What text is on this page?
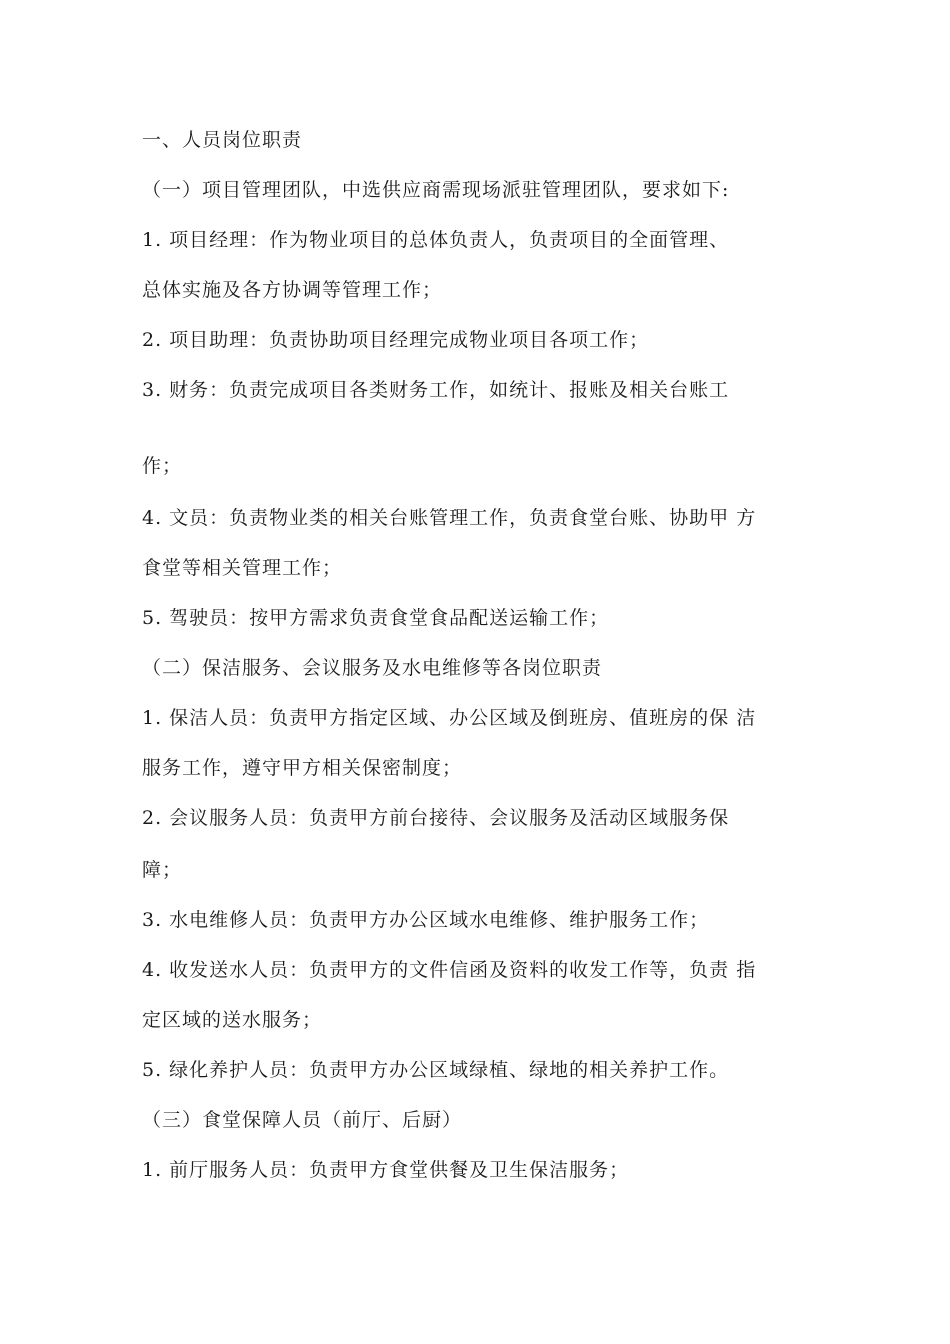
一、人员岗位职责
（一）项目管理团队，中选供应商需现场派驻管理团队，要求如下:
1. 项目经理：作为物业项目的总体负责人，负责项目的全面管理、
总体实施及各方协调等管理工作；
2. 项目助理：负责协助项目经理完成物业项目各项工作；
3. 财务：负责完成项目各类财务工作，如统计、报账及相关台账工
作；
4. 文员：负责物业类的相关台账管理工作，负责食堂台账、协助甲 方
食堂等相关管理工作；
5. 驾驶员：按甲方需求负责食堂食品配送运输工作；
（二）保洁服务、会议服务及水电维修等各岗位职责
1. 保洁人员：负责甲方指定区域、办公区域及倒班房、值班房的保 洁
服务工作，遵守甲方相关保密制度；
2. 会议服务人员：负责甲方前台接待、会议服务及活动区域服务保
障；
3. 水电维修人员：负责甲方办公区域水电维修、维护服务工作；
4. 收发送水人员：负责甲方的文件信函及资料的收发工作等，负责 指
定区域的送水服务；
5. 绿化养护人员：负责甲方办公区域绿植、绿地的相关养护工作。
（三）食堂保障人员（前厅、后厨）
1. 前厅服务人员：负责甲方食堂供餐及卫生保洁服务；
